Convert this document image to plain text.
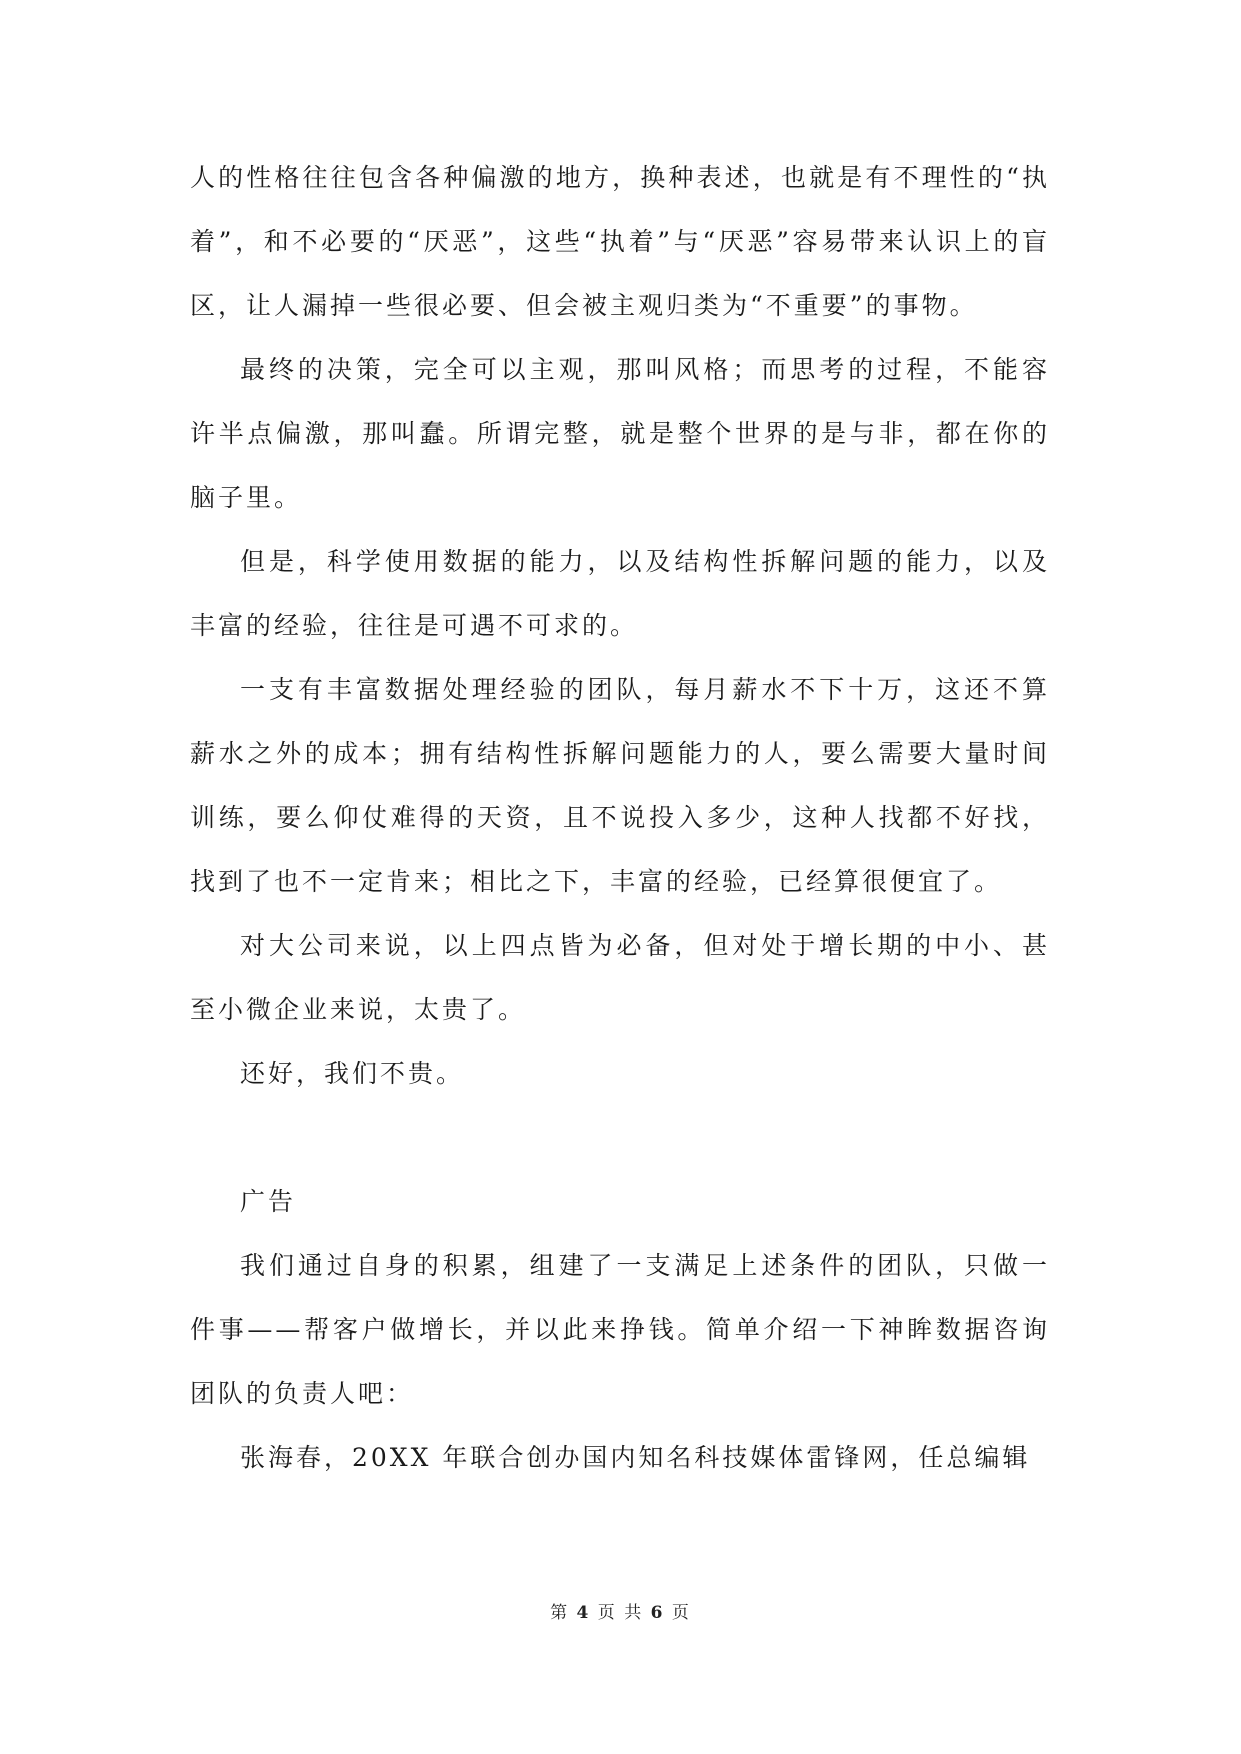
人的性格往往包含各种偏激的地方，换种表述，也就是有不理性的“执着”，和不必要的“厌恶”，这些“执着”与“厌恶”容易带来认识上的盲区，让人漏掉一些很必要、但会被主观归类为“不重要”的事物。

最终的决策，完全可以主观，那叫风格；而思考的过程，不能容许半点偏激，那叫蠢。所谓完整，就是整个世界的是与非，都在你的脑子里。

但是，科学使用数据的能力，以及结构性拆解问题的能力，以及丰富的经验，往往是可遇不可求的。

一支有丰富数据处理经验的团队，每月薪水不下十万，这还不算薪水之外的成本；拥有结构性拆解问题能力的人，要么需要大量时间训练，要么仰仗难得的天资，且不说投入多少，这种人找都不好找，找到了也不一定肯来；相比之下，丰富的经验，已经算很便宜了。

对大公司来说，以上四点皆为必备，但对处于增长期的中小、甚至小微企业来说，太贵了。

还好，我们不贵。

广告

我们通过自身的积累，组建了一支满足上述条件的团队，只做一件事——帮客户做增长，并以此来挣钱。简单介绍一下神眸数据咨询团队的负责人吧：

张海春，20XX 年联合创办国内知名科技媒体雷锋网，任总编辑

第 4 页 共 6 页
